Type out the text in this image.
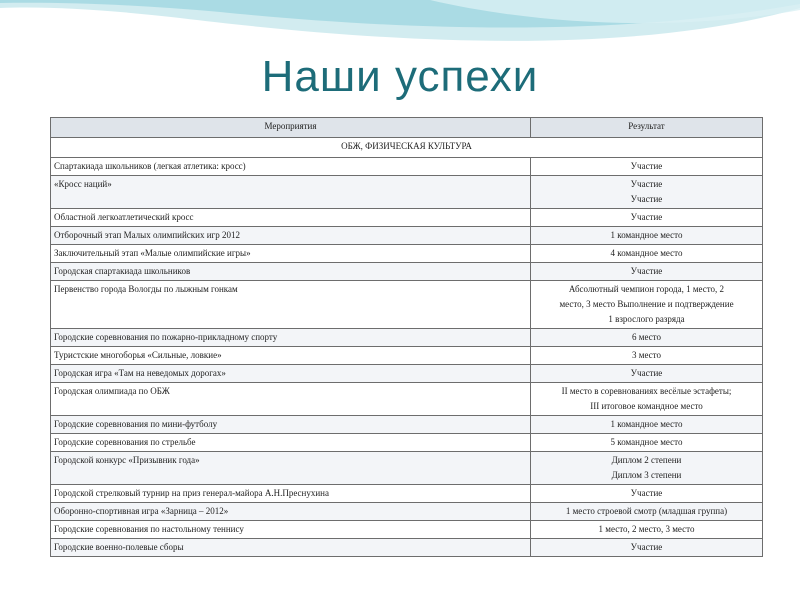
Наши успехи
Мероприятия	Результат
ОБЖ, ФИЗИЧЕСКАЯ КУЛЬТУРА	
Спартакиада школьников (легкая атлетика: кросс)	Участие

«Кросс наций»	Участие
Участие

Областной легкоатлетический кросс	Участие

Отборочный этап Малых олимпийских игр 2012	1 командное место

Заключительный этап «Малые олимпийские игры»	4 командное место

Городская спартакиада школьников	Участие

Первенство города Вологды по лыжным гонкам	Абсолютный чемпион города, 1 место, 2
место, 3 место Выполнение и подтверждение
1 взрослого разряда

Городские соревнования по пожарно-прикладному спорту	6 место

Туристские многоборья «Сильные, ловкие»	3 место

Городская игра «Там на неведомых дорогах»	Участие

Городская олимпиада по ОБЖ	II место в соревнованиях весёлые эстафеты;
III итоговое командное место

Городские соревнования по мини-футболу	1 командное место

Городские соревнования по стрельбе	5 командное место

Городской конкурс «Призывник года»	Диплом 2 степени
Диплом 3 степени

Городской стрелковый турнир на приз генерал-майора А.Н.Преснухина	Участие

Оборонно-спортивная игра «Зарница – 2012»	1 место строевой смотр (младшая группа)

Городские соревнования по настольному теннису	1 место, 2 место, 3 место

Городские военно-полевые сборы	Участие
